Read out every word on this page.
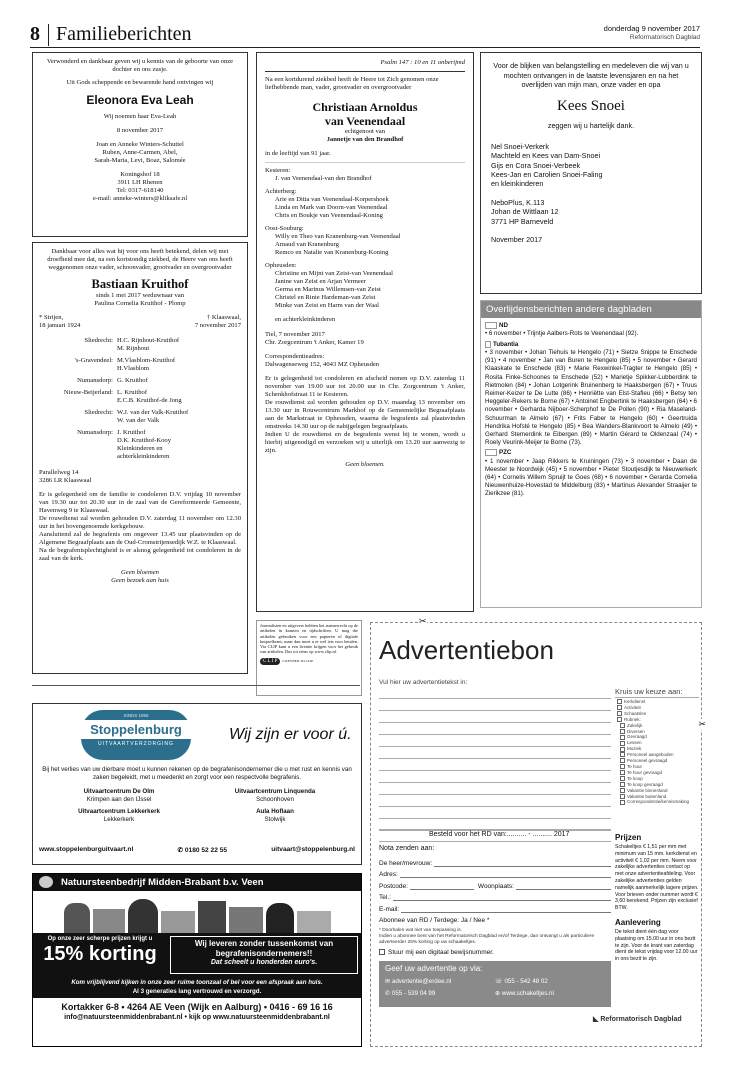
8 Familieberichten	donderdag 9 november 2017
Reformatorisch Dagblad
Verwonderd en dankbaar geven wij u kennis van de geboorte van onze dochter en ons zusje.
Uit Gods scheppende en bewarende hand ontvingen wij
Eleonora Eva Leah
Wij noemen haar Eva-Leah
8 november 2017
Joan en Anneke Winters-Schuttel
Ruben, Anne-Carmen, Abel,
Sarah-Maria, Levi, Boaz, Salomée
Koningshof 18
3911 LH Rhenen
Tel: 0317-618140
e-mail: anneke-winters@kliksafe.nl
Dankbaar voor alles wat hij voor ons heeft betekend, delen wij met droefheid mee dat, na een kortstondig ziekbed, de Heere van ons heeft weggenomen onze vader, schoonvader, grootvader en overgrootvader
Bastiaan Kruithof
sinds 1 mei 2017 weduwnaar van
Paulina Cornelia Kruithof - Plomp
* Strijen,
18 januari 1924
† Klaaswaal,
7 november 2017
Sliedrecht: H.C. Rijnhout-Kruithof
M. Rijnhout
's-Gravendeel: M.Vlasblom-Kruithof
H.Vlasblom
Numansdorp: G. Kruithof
Nieuw-Beijerland: L. Kruithof
E.C.B. Kruithof-de Jong
Sliedrecht: W.J. van der Valk-Kruithof
W. van der Valk
Numansdorp: J. Kruithof
D.K. Kruithof-Kooy
Kleinkinderen en
achterkleinkinderen
Parallelweg 14
3286 LR Klaaswaal
Er is gelegenheid om de familie te condoleren D.V. vrijdag 10 november van 19.30 uur tot 20.30 uur in de zaal van de Gereformeerde Gemeente, Havenweg 9 te Klaaswaal.
De rouwdienst zal worden gehouden D.V. zaterdag 11 november om 12.30 uur in het bovengenoemde kerkgebouw.
Aansluitend zal de begrafenis om ongeveer 13.45 uur plaatsvinden op de Algemene Begraafplaats aan de Oud-Cromstrijensedijk W.Z. te Klaaswaal.
Na de begrafenisplechtigheid is er alsnog gelegenheid tot condoleren in de zaal van de kerk.
Geen bloemen
Geen bezoek aan huis
Psalm 147 : 10 en 11 onberijmd
Na een kortdurend ziekbed heeft de Heere tot Zich genomen onze liefhebbende man, vader, grootvader en overgrootvader
Christiaan Arnoldus
van Veenendaal
echtgenoot van
Jannetje van den Brandhof
in de leeftijd van 91 jaar.
Kesteren:
J. van Veenendaal-van den Brandhof
Achterberg:
Arie en Ditta van Veenendaal-Korpershoek
Linda en Mark van Doorn-van Veenendaal
Chris en Boukje van Veenendaal-Koning
Oost-Souburg:
Willy en Theo van Kranenburg-van Veenendaal
Arnaud van Kranenburg
Remco en Natalie van Kranenburg-Koning
Opheusden:
Christine en Mijnt van Zeist-van Veenendaal
Janine van Zeist en Arjan Vermeer
Germa en Marinus Willemsen-van Zeist
Christel en Rinie Hardeman-van Zeist
Minke van Zeist en Harm van der Waal
en achterkleinkinderen
Tiel, 7 november 2017
Chr. Zorgcentrum 't Anker, Kamer 19
Correspondentieadres:
Dalwagenseweg 152, 4043 MZ Opheusden
Er is gelegenheid tot condoleren en afscheid nemen op D.V. zaterdag 11 november van 19.00 uur tot 20.00 uur in Chr. Zorgcentrum 't Anker, Schenkhofstraat 11 te Kesteren.
De rouwdienst zal worden gehouden op D.V. maandag 13 november om 13.30 uur in Rouwcentrum Markhof op de Gemeentelijke Begraafplaats aan de Markstraat te Opheusden, waarna de begrafenis zal plaatsvinden omstreeks 14.30 uur op de nabijgelegen begraafplaats.
Indien U de rouwdienst en de begrafenis wenst bij te wonen, wordt u hierbij uitgenodigd en verzoeken wij u uiterlijk om 13.20 uur aanwezig te zijn.
Geen bloemen.
Voor de blijken van belangstelling en medeleven die wij van u mochten ontvangen in de laatste levensjaren en na het overlijden van mijn man, onze vader en opa
Kees Snoei
zeggen wij u hartelijk dank.
Nel Snoei-Verkerk
Machteld en Kees van Dam-Snoei
Gijs en Cora Snoei-Verbeek
Kees-Jan en Carolien Snoei-Faling
en kleinkinderen
NeboPlus, K.113
Johan de Wittlaan 12
3771 HP Barneveld
November 2017
Overlijdensberichten andere dagbladen
ND
• 6 november • Trijntje Aalbers-Rots te Veenendaal (92).
Tubantia
• 3 november • Johan Tiehuis te Hengelo (71) • Sietze Snippe te Enschede (91) • 4 november • Jan van Buren te Hengelo (85) • 5 november • Gerard Klaaskate te Enschede (83) • Marie Rexwinkel-Tragter te Hengelo (85) • Rosita Finke-Schoones te Enschede (52) • Marietje Spikker-Lubberdink te Rietmolen (84) • Johan Lotgerink Bruinenberg te Haaksbergen (67) • Truus Reimer-Keizer te De Lutte (86) • Henriëtte van Elst-Stafleu (66) • Betsy ten Heggeler-Rekers te Borne (67) • Antoinet Engbertink te Haaksbergen (64) • 6 november • Gerharda Nijboer-Scherphof te De Pollen (90) • Ria Maseland-Schuurman te Almelo (67) • Frits Faber te Hengelo (60) • Geertruida Hendrika Hofsté te Hengelo (85) • Bea Wanders-Blankvoort te Almelo (49) • Gerhard Stemerdink te Eibergen (89) • Martin Gérard te Oldenzaal (74) • Roely Veurink-Meijer te Borne (73).
PZC
• 1 november • Jaap Rikkers te Kruiningen (73) • 3 november • Daan de Meester te Noordwijk (45) • 5 november • Pieter Stoutjesdijk te Nieuwerkerk (64) • Cornelis Willem Spruijt te Goes (68) • 6 november • Gerarda Cornelia Nieuwenhuize-Hovestad te Middelburg (83) • Martinus Alexander Straaijer te Zierikzee (81).
Journalisten en uitgevers hebben het auteursrecht op de artikelen in kranten en tijdschriften. U mag die artikelen gebruiken voor een papieren of digitale knipselkrant, maar dan moet u er wel iets voor betalen. Via CLIP kunt u een licentie krijgen voor het gebruik van artikelen. Dus tot ziens op www.clip.nl.
C L I P	LICENSED TO CLIP
SINDS 1956
Stoppelenburg
UITVAARTVERZORGING
Wij zijn er voor ú.
Bij het verlies van uw dierbare moet u kunnen rekenen op de begrafenisondernemer die u met rust en kennis van zaken begeleidt, met u meedenkt en zorgt voor een respectvolle begrafenis.
Uitvaartcentrum De Olm
Krimpen aan den IJssel
Uitvaartcentrum Linquenda
Schoonhoven
Uitvaartcentrum Lekkerkerk
Lekkerkerk
Aula Hoflaan
Stolwijk
www.stoppelenburguitvaart.nl	✆ 0180 52 22 55	uitvaart@stoppelenburg.nl
Natuursteenbedrijf Midden-Brabant b.v. Veen
Op onze zeer scherpe prijzen krijgt u
15% korting	Wij leveren zonder tussenkomst van begrafenisondernemers!!
Dat scheelt u honderden euro's.
Kom vrijblijvend kijken in onze zeer ruime toonzaal of bel voor een afspraak aan huis.
Al 3 generaties lang vertrouwd en verzorgd.
Kortakker 6-8 • 4264 AE Veen (Wijk en Aalburg) • 0416 - 69 16 16
info@natuursteenmiddenbrabant.nl • kijk op www.natuursteenmiddenbrabant.nl
✂
✂
Advertentiebon
Vul hier uw advertentietekst in:
Kruis uw keuze aan:
Kerkdienst
Activiteit
Schaatsles
Rubriek:
Zakelijk
Diversen
Gevraagd
Lessen
Muziek
Personeel aangeboden
Personeel gevraagd
Te huur
Te huur gevraagd
Te koop
Te koop gevraagd
Vakantie binnenland
Vakantie buitenland
Correspondentie/kennismaking
Besteld voor het RD van:.......... - .......... 2017
Nota zenden aan:
De heer/mevrouw:
Adres:
Postcode:	Woonplaats:
Tel.:
E-mail:
Abonnee van RD / Terdege: Ja / Nee *
* Doorhalen wat niet van toepassing is.
Indien u abonnee bent van het Reformatorisch Dagblad en/of Terdege, dan ontvangt u als particuliere adverteerder 25% korting op uw schaakeltjes.
Stuur mij een digitaal bewijsnummer.
Geef uw advertentie op via:
✉ advertentie@erdee.nl	☏ 055 - 542 48 02
✆ 055 - 539 04 99	⊕ www.schakeltjes.nl
Prijzen
Schakeltjes € 1,51 per mm met minimum van 15 mm. kerkdienst en activiteit € 1,02 per mm. Neem voor zakelijke advertenties contact op met onze advertentieafdeling. Voor zakelijke advertenties gelden namelijk aanmerkelijk lagere prijzen. Voor brieven onder nummer wordt € 3,60 berekend. Prijzen zijn exclusief BTW.
Aanlevering
De tekst dient één dag voor plaatsing om 15.00 uur in ons bezit te zijn. Voor de krant van zaterdag dient de tekst vrijdag voor 12.00 uur in ons bezit te zijn.
◣ Reformatorisch Dagblad
